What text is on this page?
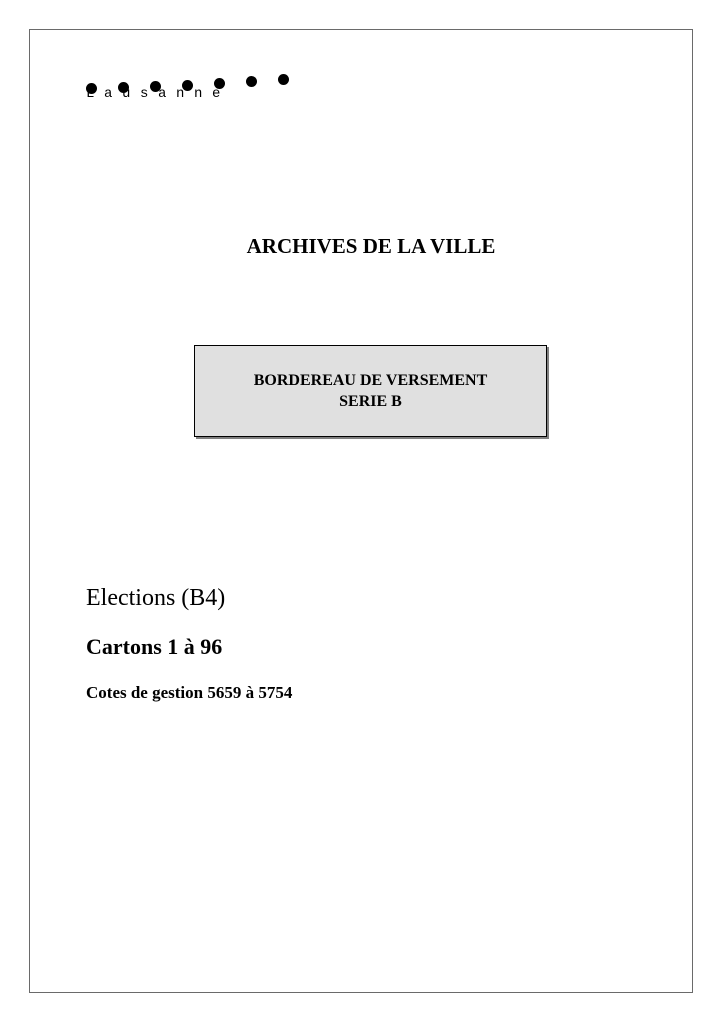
Lausanne
ARCHIVES DE LA VILLE
BORDEREAU DE VERSEMENT
SERIE B
Elections (B4)
Cartons 1 à 96

Cotes de gestion 5659 à 5754
